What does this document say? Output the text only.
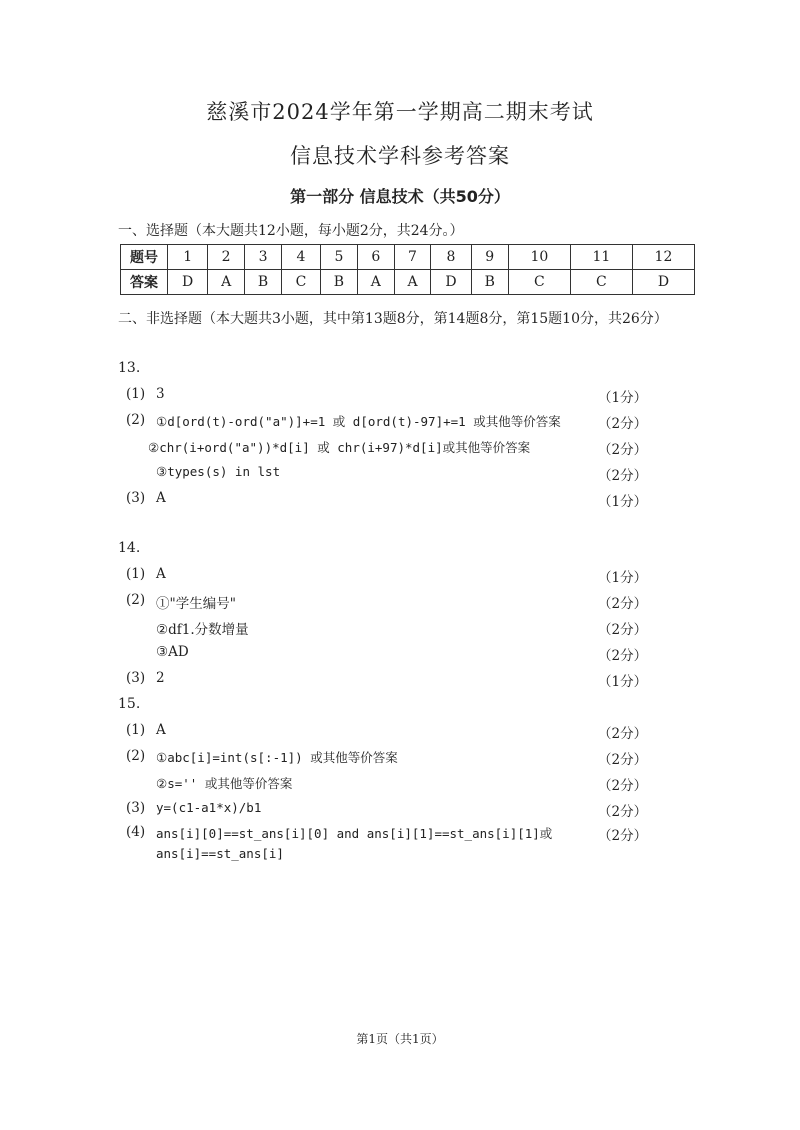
慈溪市2024学年第一学期高二期末考试
信息技术学科参考答案
第一部分 信息技术（共50分）
一、选择题（本大题共12小题，每小题2分，共24分。）
题号	1	2	3	4	5	6	7	8	9	10	11	12
答案	D	A	B	C	B	A	A	D	B	C	C	D
二、非选择题（本大题共3小题，其中第13题8分，第14题8分，第15题10分，共26分）
13.
(1) 3	（1分）
(2) ①d[ord(t)-ord("a")]+=1 或 d[ord(t)-97]+=1 或其他等价答案	（2分）
②chr(i+ord("a"))*d[i] 或 chr(i+97)*d[i]或其他等价答案	（2分）
③types(s) in lst	（2分）
(3) A	（1分）
14.
(1) A	（1分）
(2) ①"学生编号"	（2分）
②df1.分数增量	（2分）
③AD	（2分）
(3) 2	（1分）
15.
(1) A	（2分）
(2) ①abc[i]=int(s[:-1]) 或其他等价答案	（2分）
②s='' 或其他等价答案	（2分）
(3) y=(c1-a1*x)/b1	（2分）
(4) ans[i][0]==st_ans[i][0] and ans[i][1]==st_ans[i][1]或
ans[i]==st_ans[i]
（2分）
第1页（共1页）
